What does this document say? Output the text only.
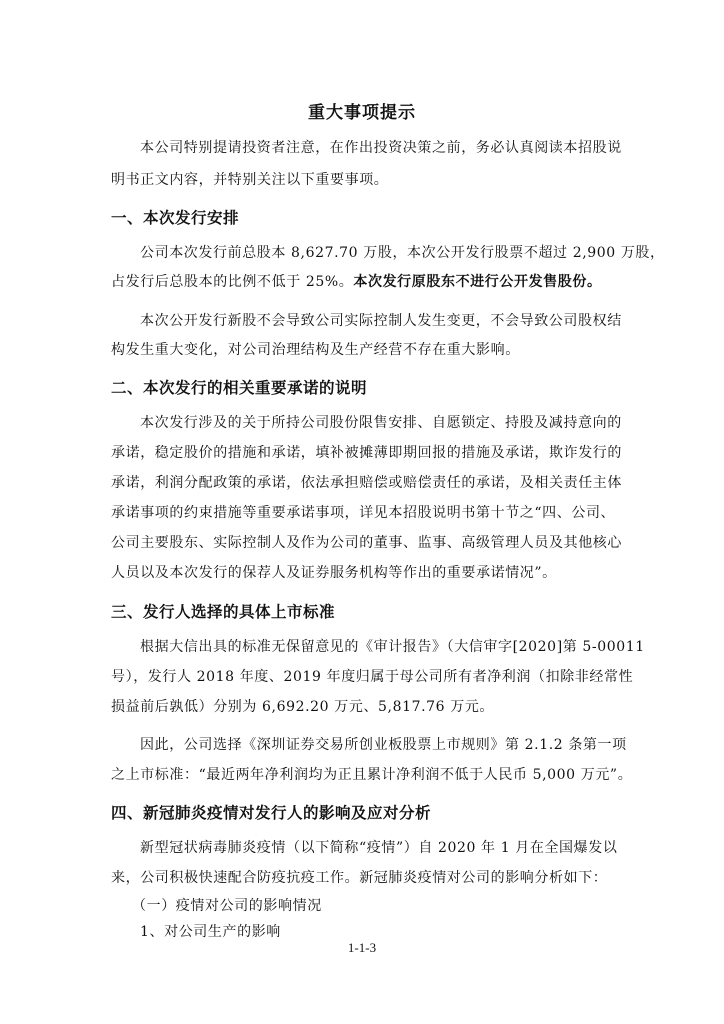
重大事项提示
本公司特别提请投资者注意，在作出投资决策之前，务必认真阅读本招股说
明书正文内容，并特别关注以下重要事项。
一、本次发行安排
公司本次发行前总股本 8,627.70 万股，本次公开发行股票不超过 2,900 万股，
占发行后总股本的比例不低于 25%。本次发行原股东不进行公开发售股份。
本次公开发行新股不会导致公司实际控制人发生变更，不会导致公司股权结
构发生重大变化，对公司治理结构及生产经营不存在重大影响。
二、本次发行的相关重要承诺的说明
本次发行涉及的关于所持公司股份限售安排、自愿锁定、持股及减持意向的
承诺，稳定股价的措施和承诺，填补被摊薄即期回报的措施及承诺，欺诈发行的
承诺，利润分配政策的承诺，依法承担赔偿或赔偿责任的承诺，及相关责任主体
承诺事项的约束措施等重要承诺事项，详见本招股说明书第十节之“四、公司、
公司主要股东、实际控制人及作为公司的董事、监事、高级管理人员及其他核心
人员以及本次发行的保荐人及证券服务机构等作出的重要承诺情况”。
三、发行人选择的具体上市标准
根据大信出具的标准无保留意见的《审计报告》（大信审字[2020]第 5-00011
号），发行人 2018 年度、2019 年度归属于母公司所有者净利润（扣除非经常性
损益前后孰低）分别为 6,692.20 万元、5,817.76 万元。
因此，公司选择《深圳证券交易所创业板股票上市规则》第 2.1.2 条第一项
之上市标准：“最近两年净利润均为正且累计净利润不低于人民币 5,000 万元”。
四、新冠肺炎疫情对发行人的影响及应对分析
新型冠状病毒肺炎疫情（以下简称“疫情”）自 2020 年 1 月在全国爆发以
来，公司积极快速配合防疫抗疫工作。新冠肺炎疫情对公司的影响分析如下：
（一）疫情对公司的影响情况
1、对公司生产的影响
1-1-3
